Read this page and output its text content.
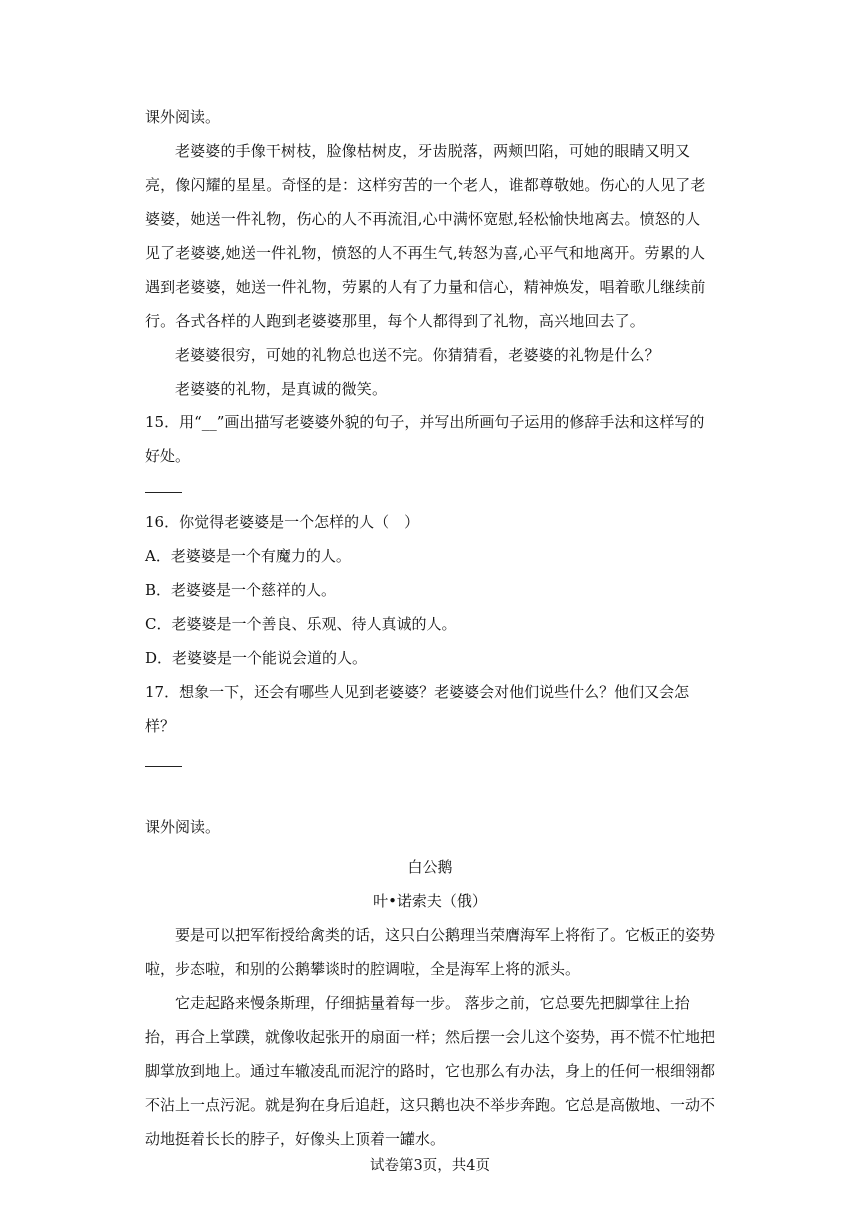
课外阅读。

老婆婆的手像干树枝，脸像枯树皮，牙齿脱落，两颊凹陷，可她的眼睛又明又亮，像闪耀的星星。奇怪的是：这样穷苦的一个老人，谁都尊敬她。伤心的人见了老婆婆，她送一件礼物，伤心的人不再流泪,心中满怀宽慰,轻松愉快地离去。愤怒的人见了老婆婆,她送一件礼物，愤怒的人不再生气,转怒为喜,心平气和地离开。劳累的人遇到老婆婆，她送一件礼物，劳累的人有了力量和信心，精神焕发，唱着歌儿继续前行。各式各样的人跑到老婆婆那里，每个人都得到了礼物，高兴地回去了。

老婆婆很穷，可她的礼物总也送不完。你猜猜看，老婆婆的礼物是什么？

老婆婆的礼物，是真诚的微笑。

15．用“__”画出描写老婆婆外貌的句子，并写出所画句子运用的修辞手法和这样写的好处。

16．你觉得老婆婆是一个怎样的人（　）

A．老婆婆是一个有魔力的人。

B．老婆婆是一个慈祥的人。

C．老婆婆是一个善良、乐观、待人真诚的人。

D．老婆婆是一个能说会道的人。

17．想象一下，还会有哪些人见到老婆婆？老婆婆会对他们说些什么？他们又会怎样？

课外阅读。

白公鹅

叶•诺索夫（俄）

要是可以把军衔授给禽类的话，这只白公鹅理当荣膺海军上将衔了。它板正的姿势啦，步态啦，和别的公鹅攀谈时的腔调啦，全是海军上将的派头。

它走起路来慢条斯理，仔细掂量着每一步。 落步之前，它总要先把脚掌往上抬抬，再合上掌蹼，就像收起张开的扇面一样；然后摆一会儿这个姿势，再不慌不忙地把脚掌放到地上。通过车辙凌乱而泥泞的路时，它也那么有办法，身上的任何一根细翎都不沾上一点污泥。就是狗在身后追赶，这只鹅也决不举步奔跑。它总是高傲地、一动不动地挺着长长的脖子，好像头上顶着一罐水。

试卷第3页，共4页
